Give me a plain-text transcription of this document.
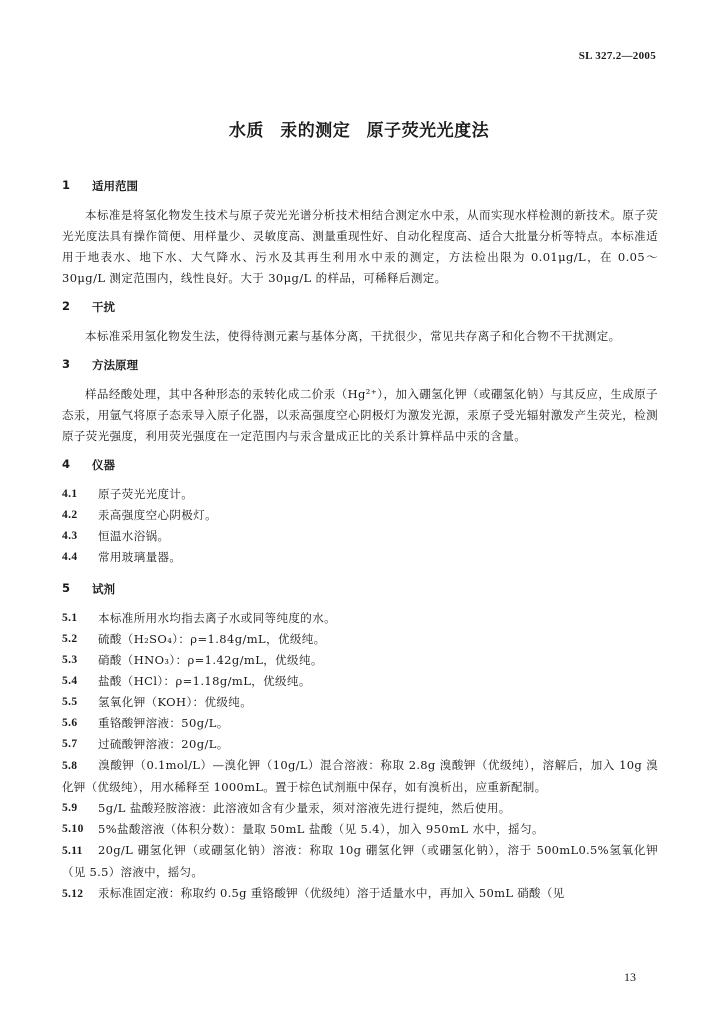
SL 327.2—2005
水质 汞的测定 原子荧光光度法
1	适用范围

本标准是将氢化物发生技术与原子荧光光谱分析技术相结合测定水中汞，从而实现水样检测的新技术。原子荧光光度法具有操作简便、用样量少、灵敏度高、测量重现性好、自动化程度高、适合大批量分析等特点。本标准适用于地表水、地下水、大气降水、污水及其再生利用水中汞的测定，方法检出限为 0.01μg/L，在 0.05～30μg/L 测定范围内，线性良好。大于 30μg/L 的样品，可稀释后测定。

2	干扰

本标准采用氢化物发生法，使得待测元素与基体分离，干扰很少，常见共存离子和化合物不干扰测定。

3	方法原理

样品经酸处理，其中各种形态的汞转化成二价汞（Hg²⁺），加入硼氢化钾（或硼氢化钠）与其反应，生成原子态汞，用氩气将原子态汞导入原子化器，以汞高强度空心阴极灯为激发光源，汞原子受光辐射激发产生荧光，检测原子荧光强度，利用荧光强度在一定范围内与汞含量成正比的关系计算样品中汞的含量。

4	仪器
4.1	原子荧光光度计。
4.2	汞高强度空心阴极灯。
4.3	恒温水浴锅。
4.4	常用玻璃量器。
5	试剂
5.1	本标准所用水均指去离子水或同等纯度的水。
5.2	硫酸（H₂SO₄）：ρ=1.84g/mL，优级纯。
5.3	硝酸（HNO₃）：ρ=1.42g/mL，优级纯。
5.4	盐酸（HCl）：ρ=1.18g/mL，优级纯。
5.5	氢氧化钾（KOH）：优级纯。
5.6	重铬酸钾溶液：50g/L。
5.7	过硫酸钾溶液：20g/L。

5.8 溴酸钾（0.1mol/L）—溴化钾（10g/L）混合溶液：称取 2.8g 溴酸钾（优级纯），溶解后，加入 10g 溴化钾（优级纯），用水稀释至 1000mL。置于棕色试剂瓶中保存，如有溴析出，应重新配制。

5.9	5g/L 盐酸羟胺溶液：此溶液如含有少量汞，须对溶液先进行提纯，然后使用。
5.10	5%盐酸溶液（体积分数）：量取 50mL 盐酸（见 5.4），加入 950mL 水中，摇匀。

5.11 20g/L 硼氢化钾（或硼氢化钠）溶液：称取 10g 硼氢化钾（或硼氢化钠），溶于 500mL0.5%氢氧化钾（见 5.5）溶液中，摇匀。

5.12 汞标准固定液：称取约 0.5g 重铬酸钾（优级纯）溶于适量水中，再加入 50mL 硝酸（见

13
